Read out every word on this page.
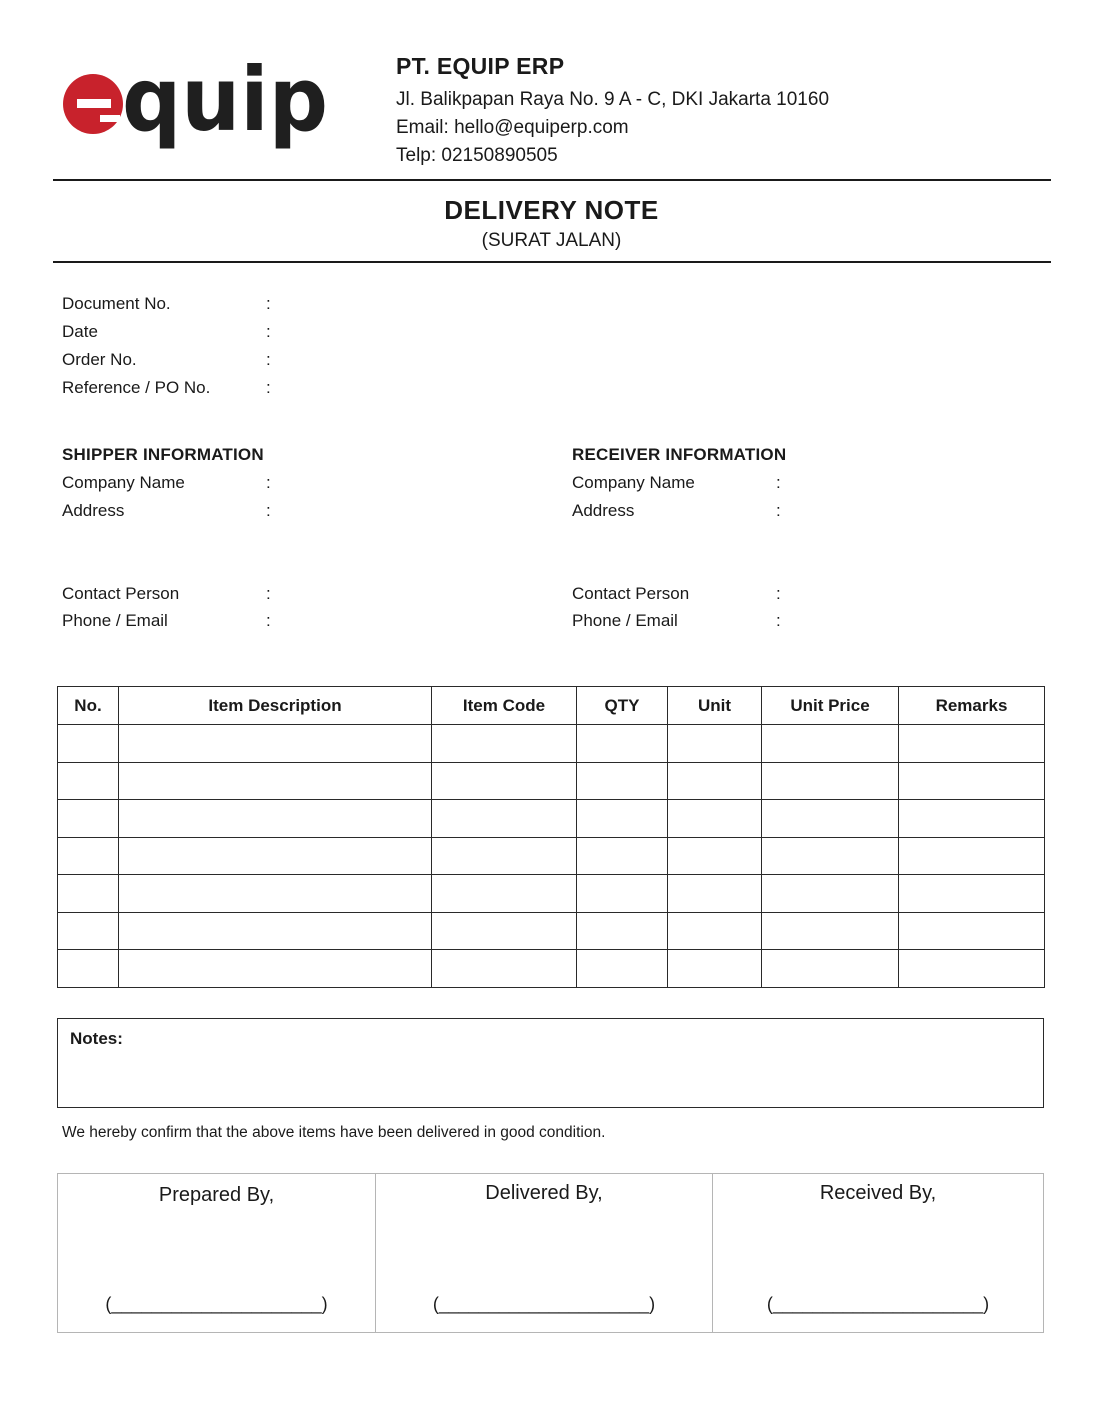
quip	PT. EQUIP ERP
Jl. Balikpapan Raya No. 9 A - C, DKI Jakarta 10160
Email: hello@equiperp.com
Telp: 02150890505
DELIVERY NOTE
(SURAT JALAN)
Document No.	:
Date	:
Order No.	:
Reference / PO No.	:
SHIPPER INFORMATION
Company Name	:
Address	:
Contact Person	:
Phone / Email	:
RECEIVER INFORMATION
Company Name	:
Address	:
Contact Person	:
Phone / Email	:
No.	Item Description	Item Code	QTY	Unit	Unit Price	Remarks

Notes:
We hereby confirm that the above items have been delivered in good condition.
Prepared By,
(_____________________)
Delivered By,
(_____________________)
Received By,
(_____________________)
